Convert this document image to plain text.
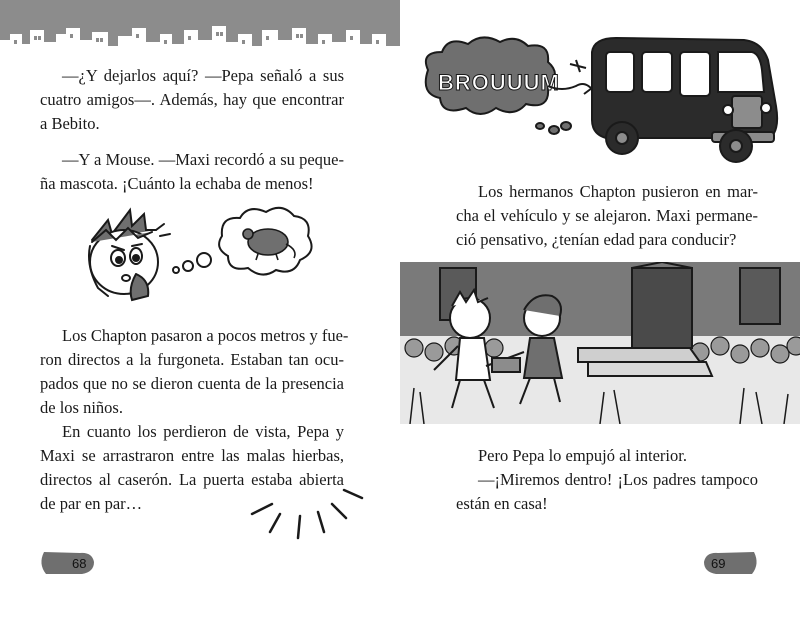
—¿Y dejarlos aquí? —Pepa señaló a sus
cuatro amigos—. Además, hay que encontrar
a Bebito.
—Y a Mouse. —Maxi recordó a su peque-
ña mascota. ¡Cuánto la echaba de menos!
Los Chapton pasaron a pocos metros y fue-
ron directos a la furgoneta. Estaban tan ocu-
pados que no se dieron cuenta de la presencia
de los niños.
En cuanto los perdieron de vista, Pepa y
Maxi se arrastraron entre las malas hierbas,
directos al caserón. La puerta estaba abierta
de par en par…
68
BROUUUM
Los hermanos Chapton pusieron en mar-
cha el vehículo y se alejaron. Maxi permane-
ció pensativo, ¿tenían edad para conducir?
Pero Pepa lo empujó al interior.
—¡Miremos dentro! ¡Los padres tampoco
están en casa!
69
